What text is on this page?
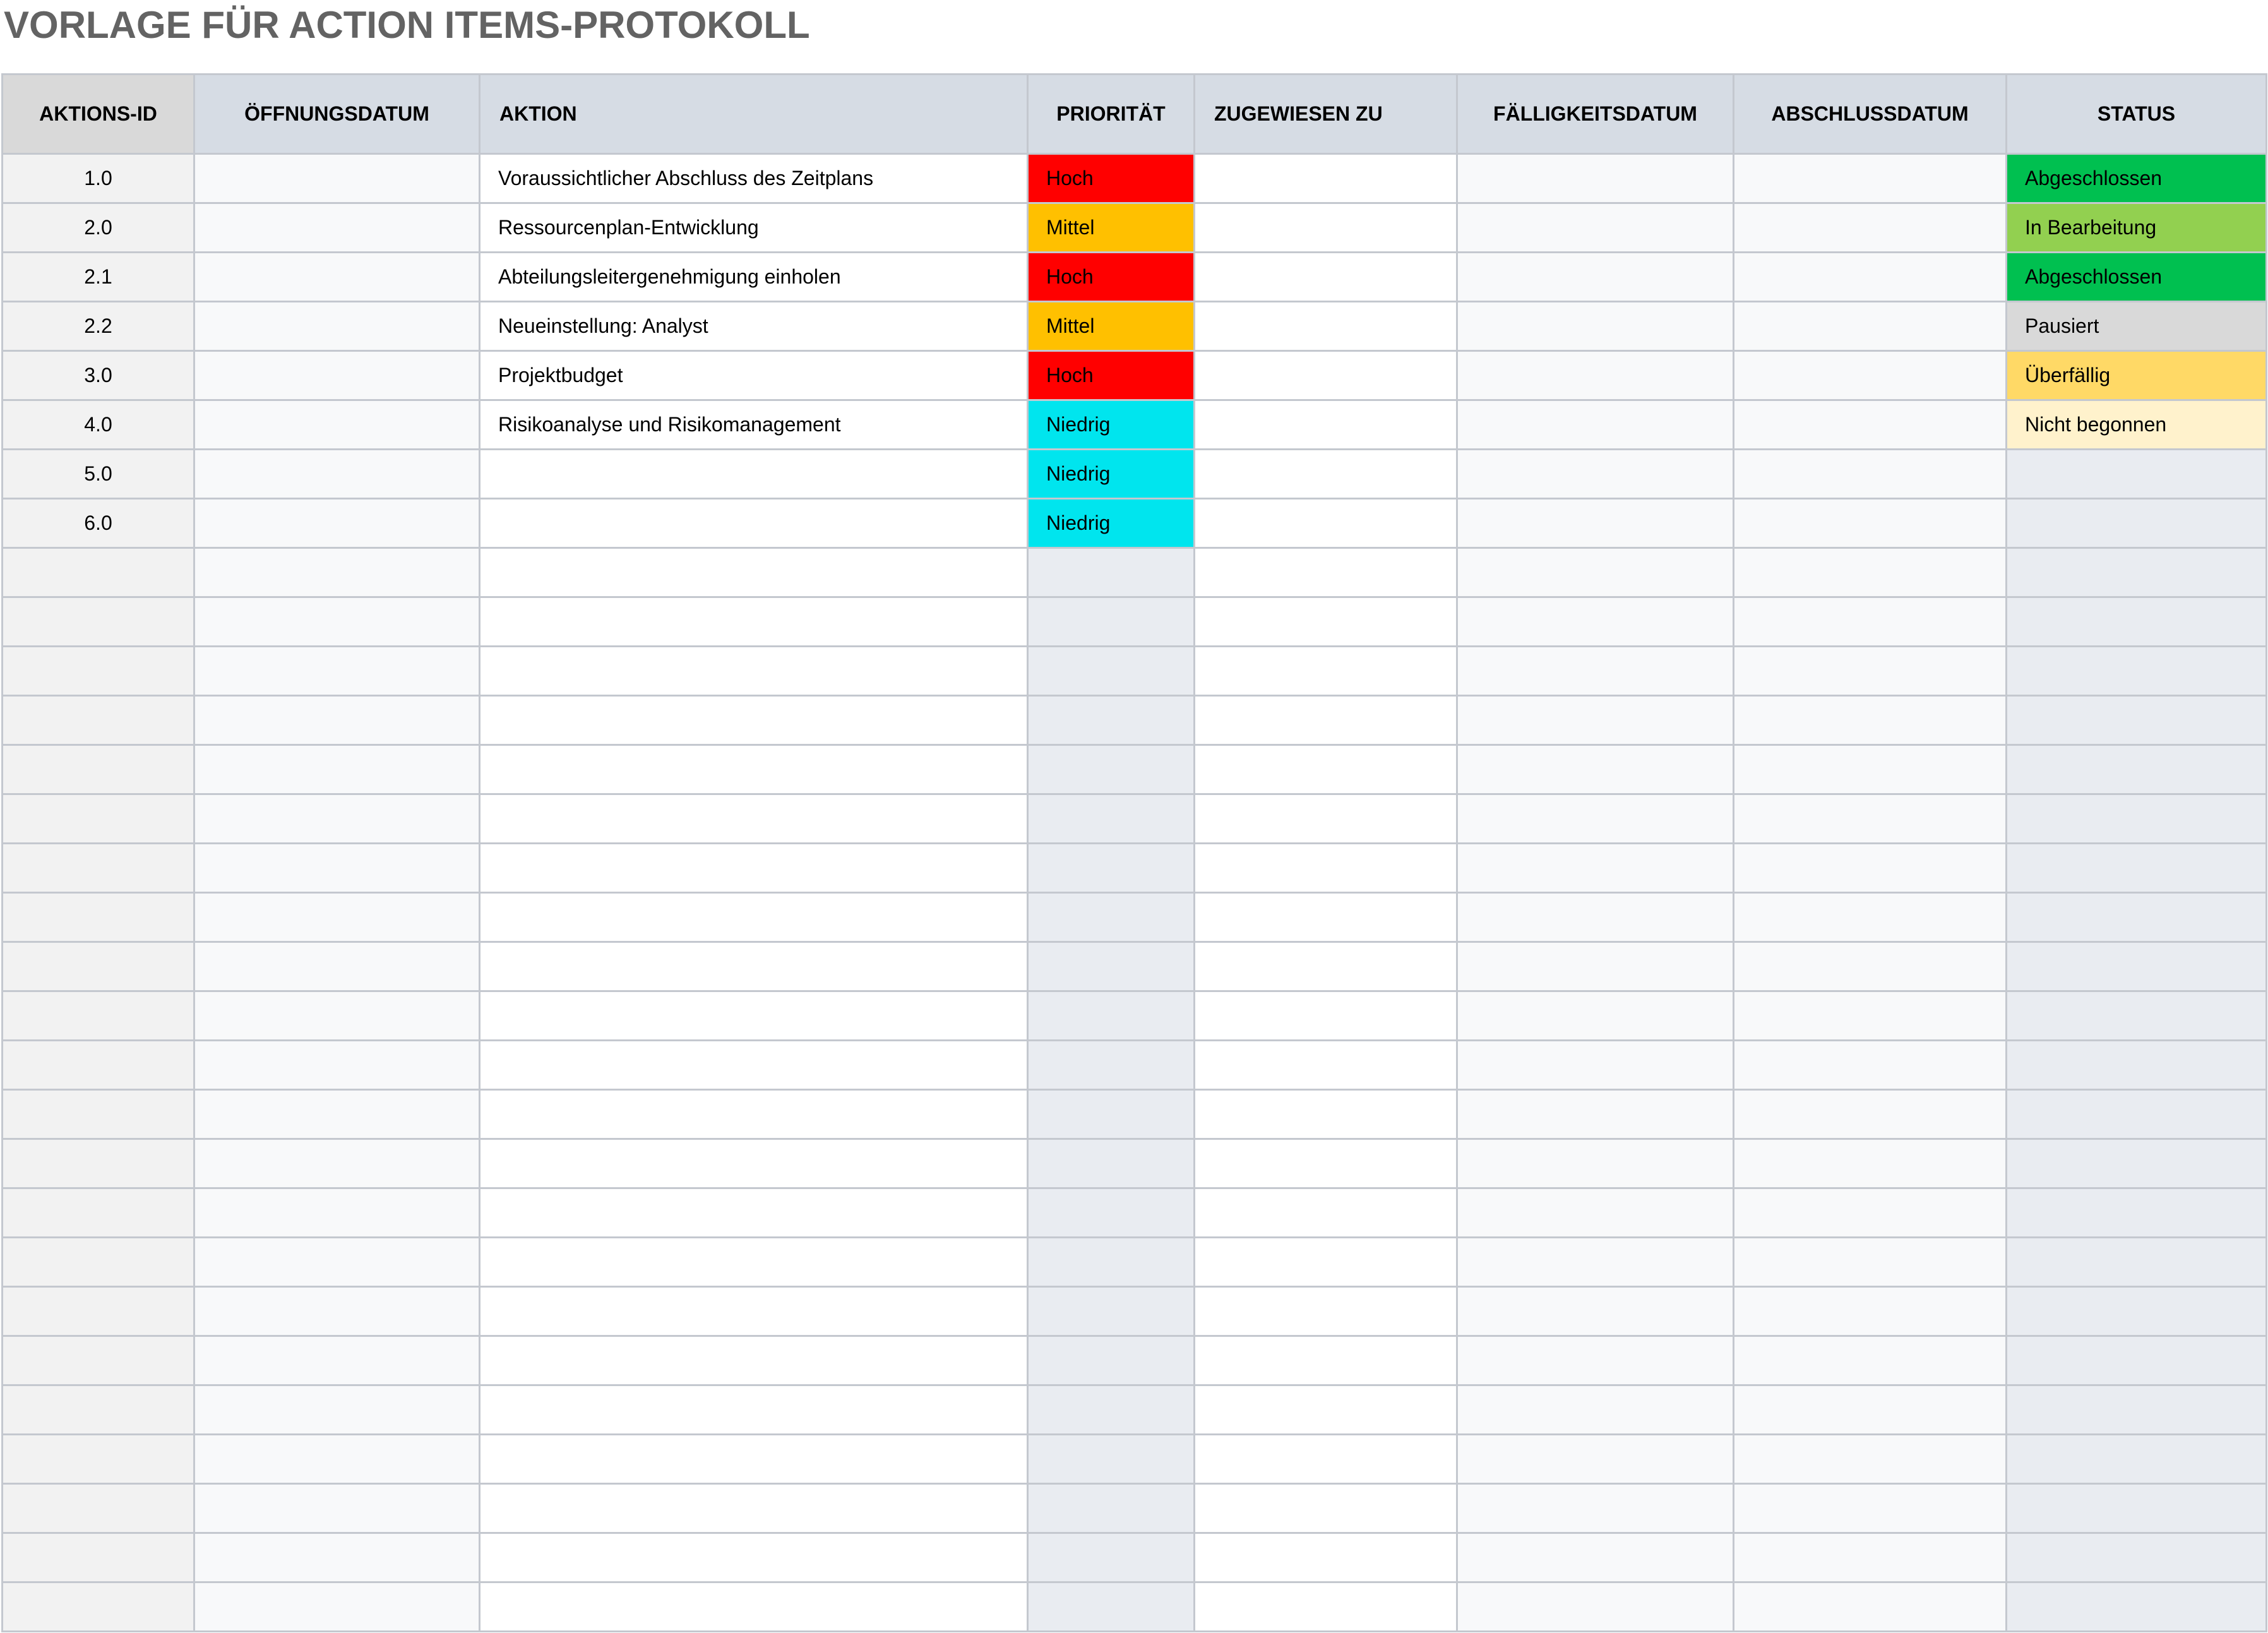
VORLAGE FÜR ACTION ITEMS-PROTOKOLL
AKTIONS-ID	ÖFFNUNGSDATUM	AKTION	PRIORITÄT	ZUGEWIESEN ZU	FÄLLIGKEITSDATUM	ABSCHLUSSDATUM	STATUS
1.0		Voraussichtlicher Abschluss des Zeitplans	Hoch				Abgeschlossen
2.0		Ressourcenplan-Entwicklung	Mittel				In Bearbeitung
2.1		Abteilungsleitergenehmigung einholen	Hoch				Abgeschlossen
2.2		Neueinstellung: Analyst	Mittel				Pausiert
3.0		Projektbudget	Hoch				Überfällig
4.0		Risikoanalyse und Risikomanagement	Niedrig				Nicht begonnen
5.0			Niedrig				
6.0			Niedrig				
